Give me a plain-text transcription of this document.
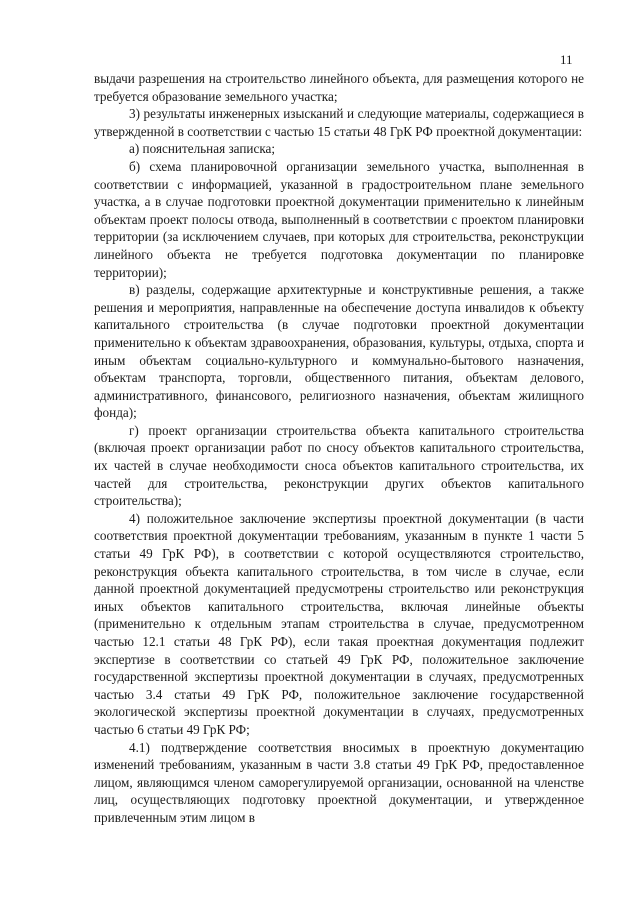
11

выдачи разрешения на строительство линейного объекта, для размещения которого не требуется образование земельного участка;

3) результаты инженерных изысканий и следующие материалы, содержащиеся в утвержденной в соответствии с частью 15 статьи 48 ГрК РФ проектной документации:

а) пояснительная записка;

б) схема планировочной организации земельного участка, выполненная в соответствии с информацией, указанной в градостроительном плане земельного участка, а в случае подготовки проектной документации применительно к линейным объектам проект полосы отвода, выполненный в соответствии с проектом планировки территории (за исключением случаев, при которых для строительства, реконструкции линейного объекта не требуется подготовка документации по планировке территории);

в) разделы, содержащие архитектурные и конструктивные решения, а также решения и мероприятия, направленные на обеспечение доступа инвалидов к объекту капитального строительства (в случае подготовки проектной документации применительно к объектам здравоохранения, образования, культуры, отдыха, спорта и иным объектам социально-культурного и коммунально-бытового назначения, объектам транспорта, торговли, общественного питания, объектам делового, административного, финансового, религиозного назначения, объектам жилищного фонда);

г) проект организации строительства объекта капитального строительства (включая проект организации работ по сносу объектов капитального строительства, их частей в случае необходимости сноса объектов капитального строительства, их частей для строительства, реконструкции других объектов капитального строительства);

4) положительное заключение экспертизы проектной документации (в части соответствия проектной документации требованиям, указанным в пункте 1 части 5 статьи 49 ГрК РФ), в соответствии с которой осуществляются строительство, реконструкция объекта капитального строительства, в том числе в случае, если данной проектной документацией предусмотрены строительство или реконструкция иных объектов капитального строительства, включая линейные объекты (применительно к отдельным этапам строительства в случае, предусмотренном частью 12.1 статьи 48 ГрК РФ), если такая проектная документация подлежит экспертизе в соответствии со статьей 49 ГрК РФ, положительное заключение государственной экспертизы проектной документации в случаях, предусмотренных частью 3.4 статьи 49 ГрК РФ, положительное заключение государственной экологической экспертизы проектной документации в случаях, предусмотренных частью 6 статьи 49 ГрК РФ;

4.1) подтверждение соответствия вносимых в проектную документацию изменений требованиям, указанным в части 3.8 статьи 49 ГрК РФ, предоставленное лицом, являющимся членом саморегулируемой организации, основанной на членстве лиц, осуществляющих подготовку проектной документации, и утвержденное привлеченным этим лицом в
